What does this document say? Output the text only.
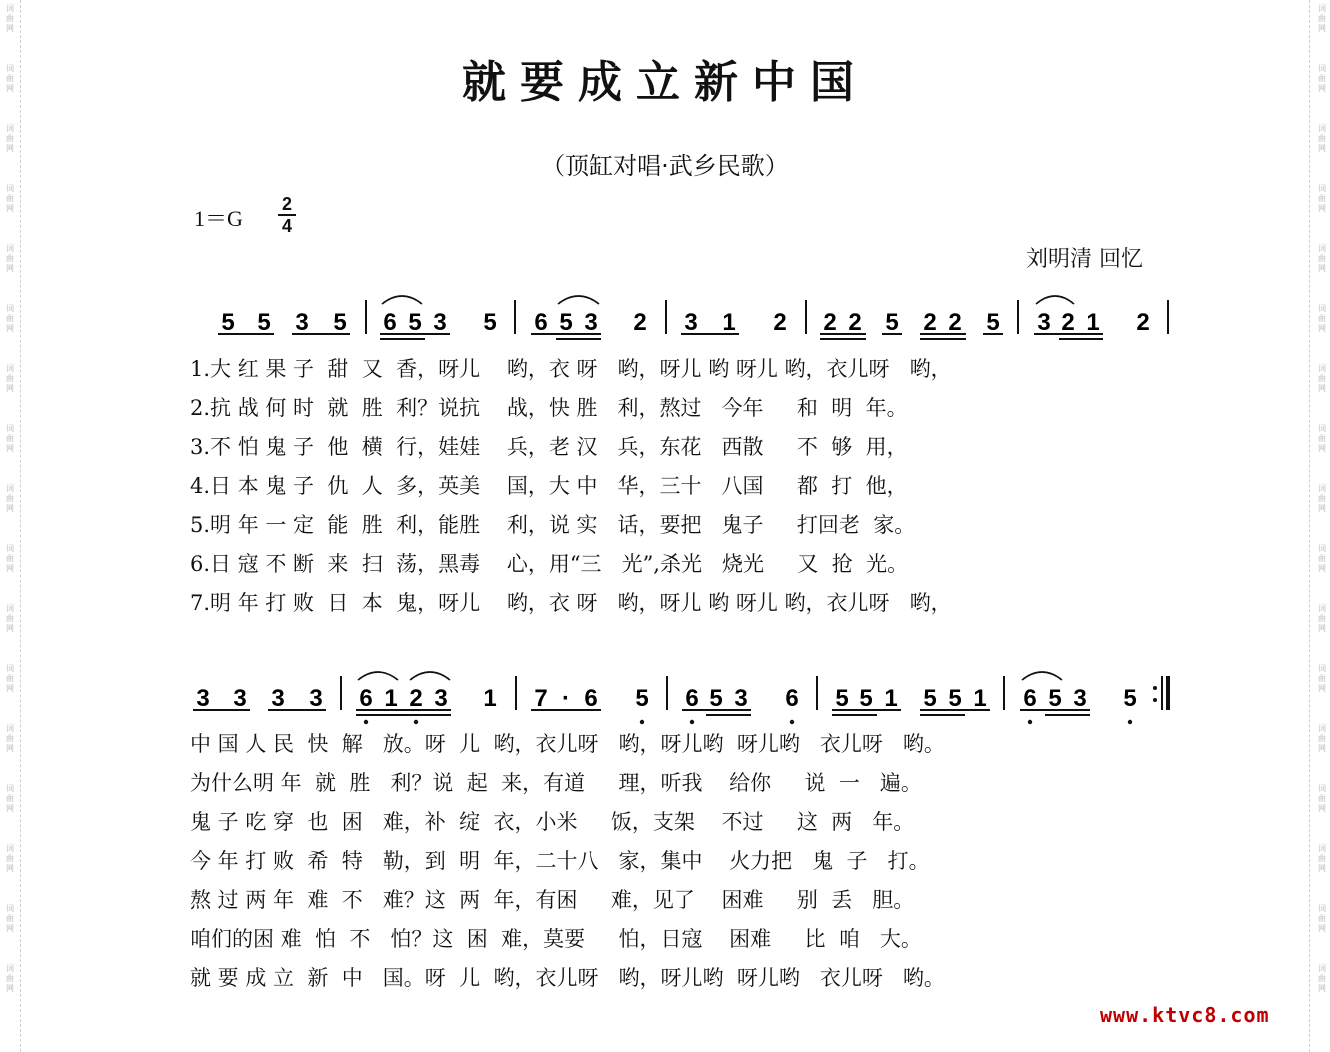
词
曲
网
词
曲
网
词
曲
网
词
曲
网
词
曲
网
词
曲
网
词
曲
网
词
曲
网
词
曲
网
词
曲
网
词
曲
网
词
曲
网
词
曲
网
词
曲
网
词
曲
网
词
曲
网
词
曲
网
词
曲
网
词
曲
网
词
曲
网
词
曲
网
词
曲
网
词
曲
网
词
曲
网
词
曲
网
词
曲
网
词
曲
网
词
曲
网
词
曲
网
词
曲
网
词
曲
网
词
曲
网
词
曲
网
词
曲
网
就要成立新中国
（顶缸对唱·武乡民歌）
1＝G
2
4
刘明清 回忆
5 5 3 5 6 5 3 5 6 5 3 2 3 1 2 2 2 5 2 2 5 3 2 1 2
3 3 3 3 6 1 2 3 1 7 · 6 5 6 5 3 6 5 5 1 5 5 1 6 5 3 5
1.大 红 果 子  甜  又  香，呀儿    哟，衣 呀   哟，呀儿 哟 呀儿 哟，衣儿呀   哟，
2.抗 战 何 时  就  胜  利？说抗    战，快 胜   利，熬过   今年     和  明  年。
3.不 怕 鬼 子  他  横  行，娃娃    兵，老 汉   兵，东花   西散     不  够  用，
4.日 本 鬼 子  仇  人  多，英美    国，大 中   华，三十   八国     都  打  他，
5.明 年 一 定  能  胜  利，能胜    利，说 实   话，要把   鬼子     打回老  家。
6.日 寇 不 断  来  扫  荡，黑毒    心，用“三   光”,杀光   烧光     又  抢  光。
7.明 年 打 败  日  本  鬼，呀儿    哟，衣 呀   哟，呀儿 哟 呀儿 哟，衣儿呀   哟，
中 国 人 民  快  解   放。呀  儿  哟，衣儿呀   哟，呀儿哟  呀儿哟   衣儿呀   哟。
为什么明 年  就  胜   利？说  起  来，有道     理，听我    给你     说  一   遍。
鬼 子 吃 穿  也  困   难，补  绽  衣，小米     饭，支架    不过     这  两   年。
今 年 打 败  希  特   勒，到  明  年，二十八   家，集中    火力把   鬼  子   打。
熬 过 两 年  难  不   难？这  两  年，有困     难，见了    困难     别  丢   胆。
咱们的困 难  怕  不   怕？这  困  难，莫要     怕，日寇    困难     比  咱   大。
就 要 成 立  新  中   国。呀  儿  哟，衣儿呀   哟，呀儿哟  呀儿哟   衣儿呀   哟。
www.ktvc8.com
